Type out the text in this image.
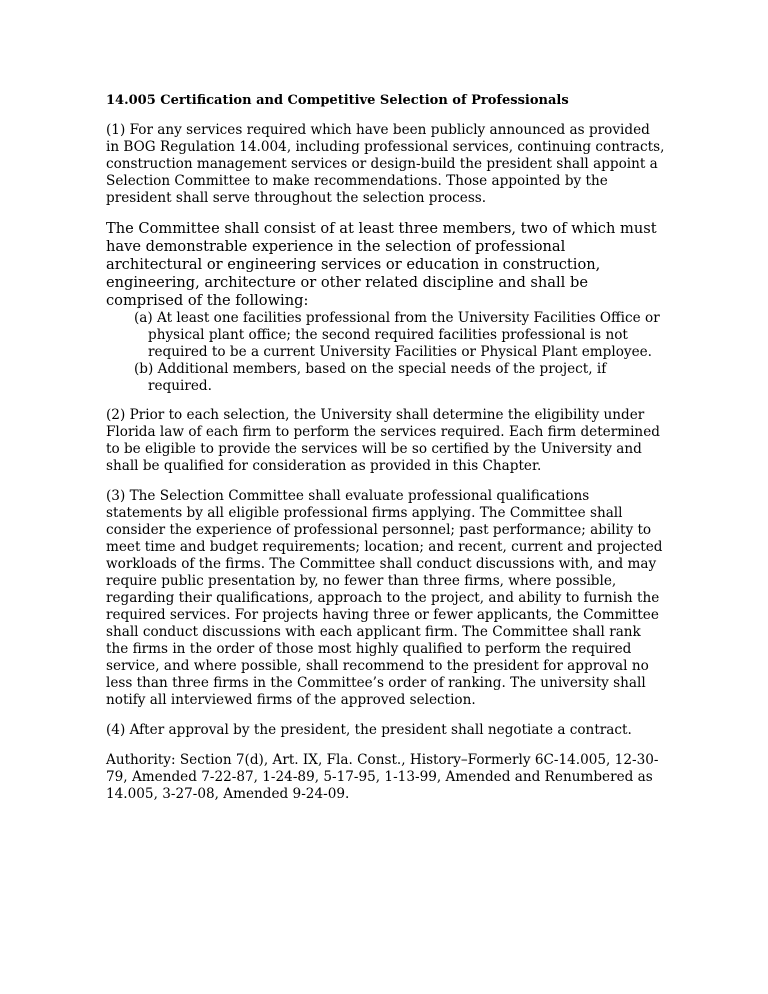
14.005 Certification and Competitive Selection of Professionals

(1) For any services required which have been publicly announced as provided in BOG Regulation 14.004, including professional services, continuing contracts, construction management services or design-build the president shall appoint a Selection Committee to make recommendations. Those appointed by the president shall serve throughout the selection process.

The Committee shall consist of at least three members, two of which must have demonstrable experience in the selection of professional architectural or engineering services or education in construction, engineering, architecture or other related discipline and shall be comprised of the following:

(a) At least one facilities professional from the University Facilities Office or physical plant office; the second required facilities professional is not required to be a current University Facilities or Physical Plant employee.
(b) Additional members, based on the special needs of the project, if required.

(2) Prior to each selection, the University shall determine the eligibility under Florida law of each firm to perform the services required. Each firm determined to be eligible to provide the services will be so certified by the University and shall be qualified for consideration as provided in this Chapter.

(3) The Selection Committee shall evaluate professional qualifications statements by all eligible professional firms applying. The Committee shall consider the experience of professional personnel; past performance; ability to meet time and budget requirements; location; and recent, current and projected workloads of the firms. The Committee shall conduct discussions with, and may require public presentation by, no fewer than three firms, where possible, regarding their qualifications, approach to the project, and ability to furnish the required services. For projects having three or fewer applicants, the Committee shall conduct discussions with each applicant firm. The Committee shall rank the firms in the order of those most highly qualified to perform the required service, and where possible, shall recommend to the president for approval no less than three firms in the Committee’s order of ranking. The university shall notify all interviewed firms of the approved selection.

(4) After approval by the president, the president shall negotiate a contract.

Authority: Section 7(d), Art. IX, Fla. Const., History–Formerly 6C-14.005, 12-30-79, Amended 7-22-87, 1-24-89, 5-17-95, 1-13-99, Amended and Renumbered as 14.005, 3-27-08, Amended 9-24-09.
